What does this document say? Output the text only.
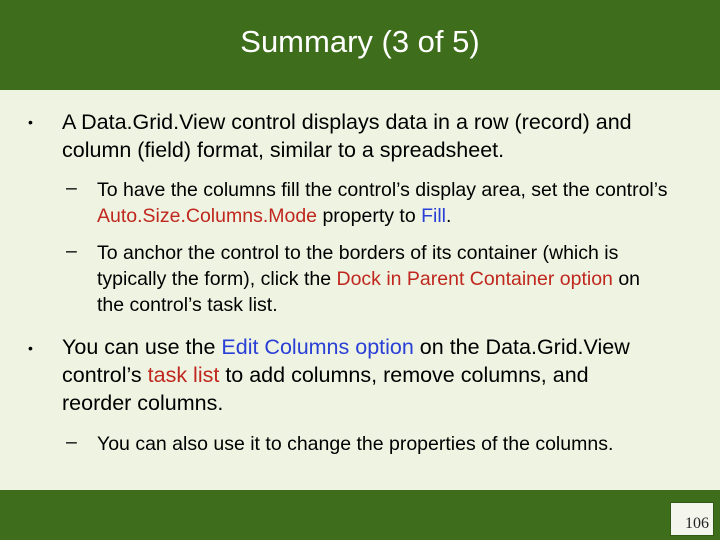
Summary (3 of 5)
• A Data.Grid.View control displays data in a row (record) and column (field) format, similar to a spreadsheet.
– To have the columns fill the control’s display area, set the control’s Auto.Size.Columns.Mode property to Fill.
– To anchor the control to the borders of its container (which is typically the form), click the Dock in Parent Container option on the control’s task list.
• You can use the Edit Columns option on the Data.Grid.View control’s task list to add columns, remove columns, and reorder columns.
– You can also use it to change the properties of the columns.
106
